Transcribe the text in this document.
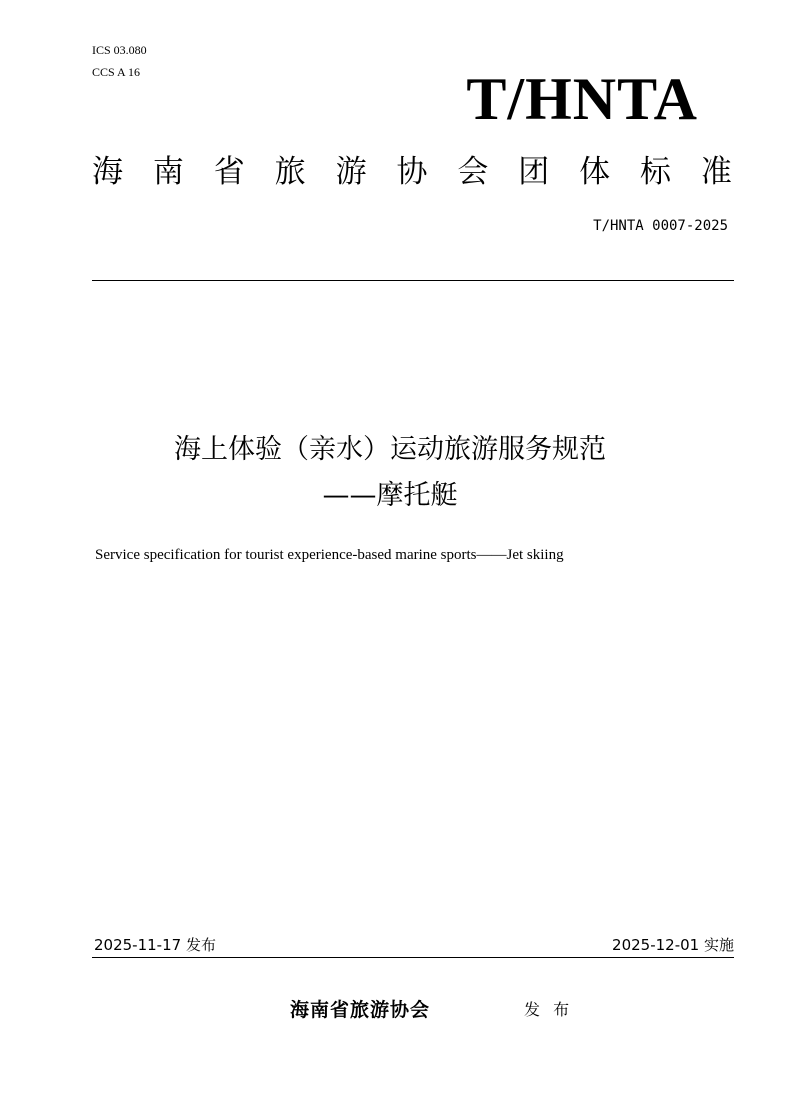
ICS 03.080
CCS A 16	T/HNTA
海 南 省 旅 游 协 会 团 体 标 准
T/HNTA 0007-2025
海上体验（亲水）运动旅游服务规范
——摩托艇
Service specification for tourist experience-based marine sports——Jet skiing
2025-11-17 发布	2025-12-01 实施
海南省旅游协会	发 布
